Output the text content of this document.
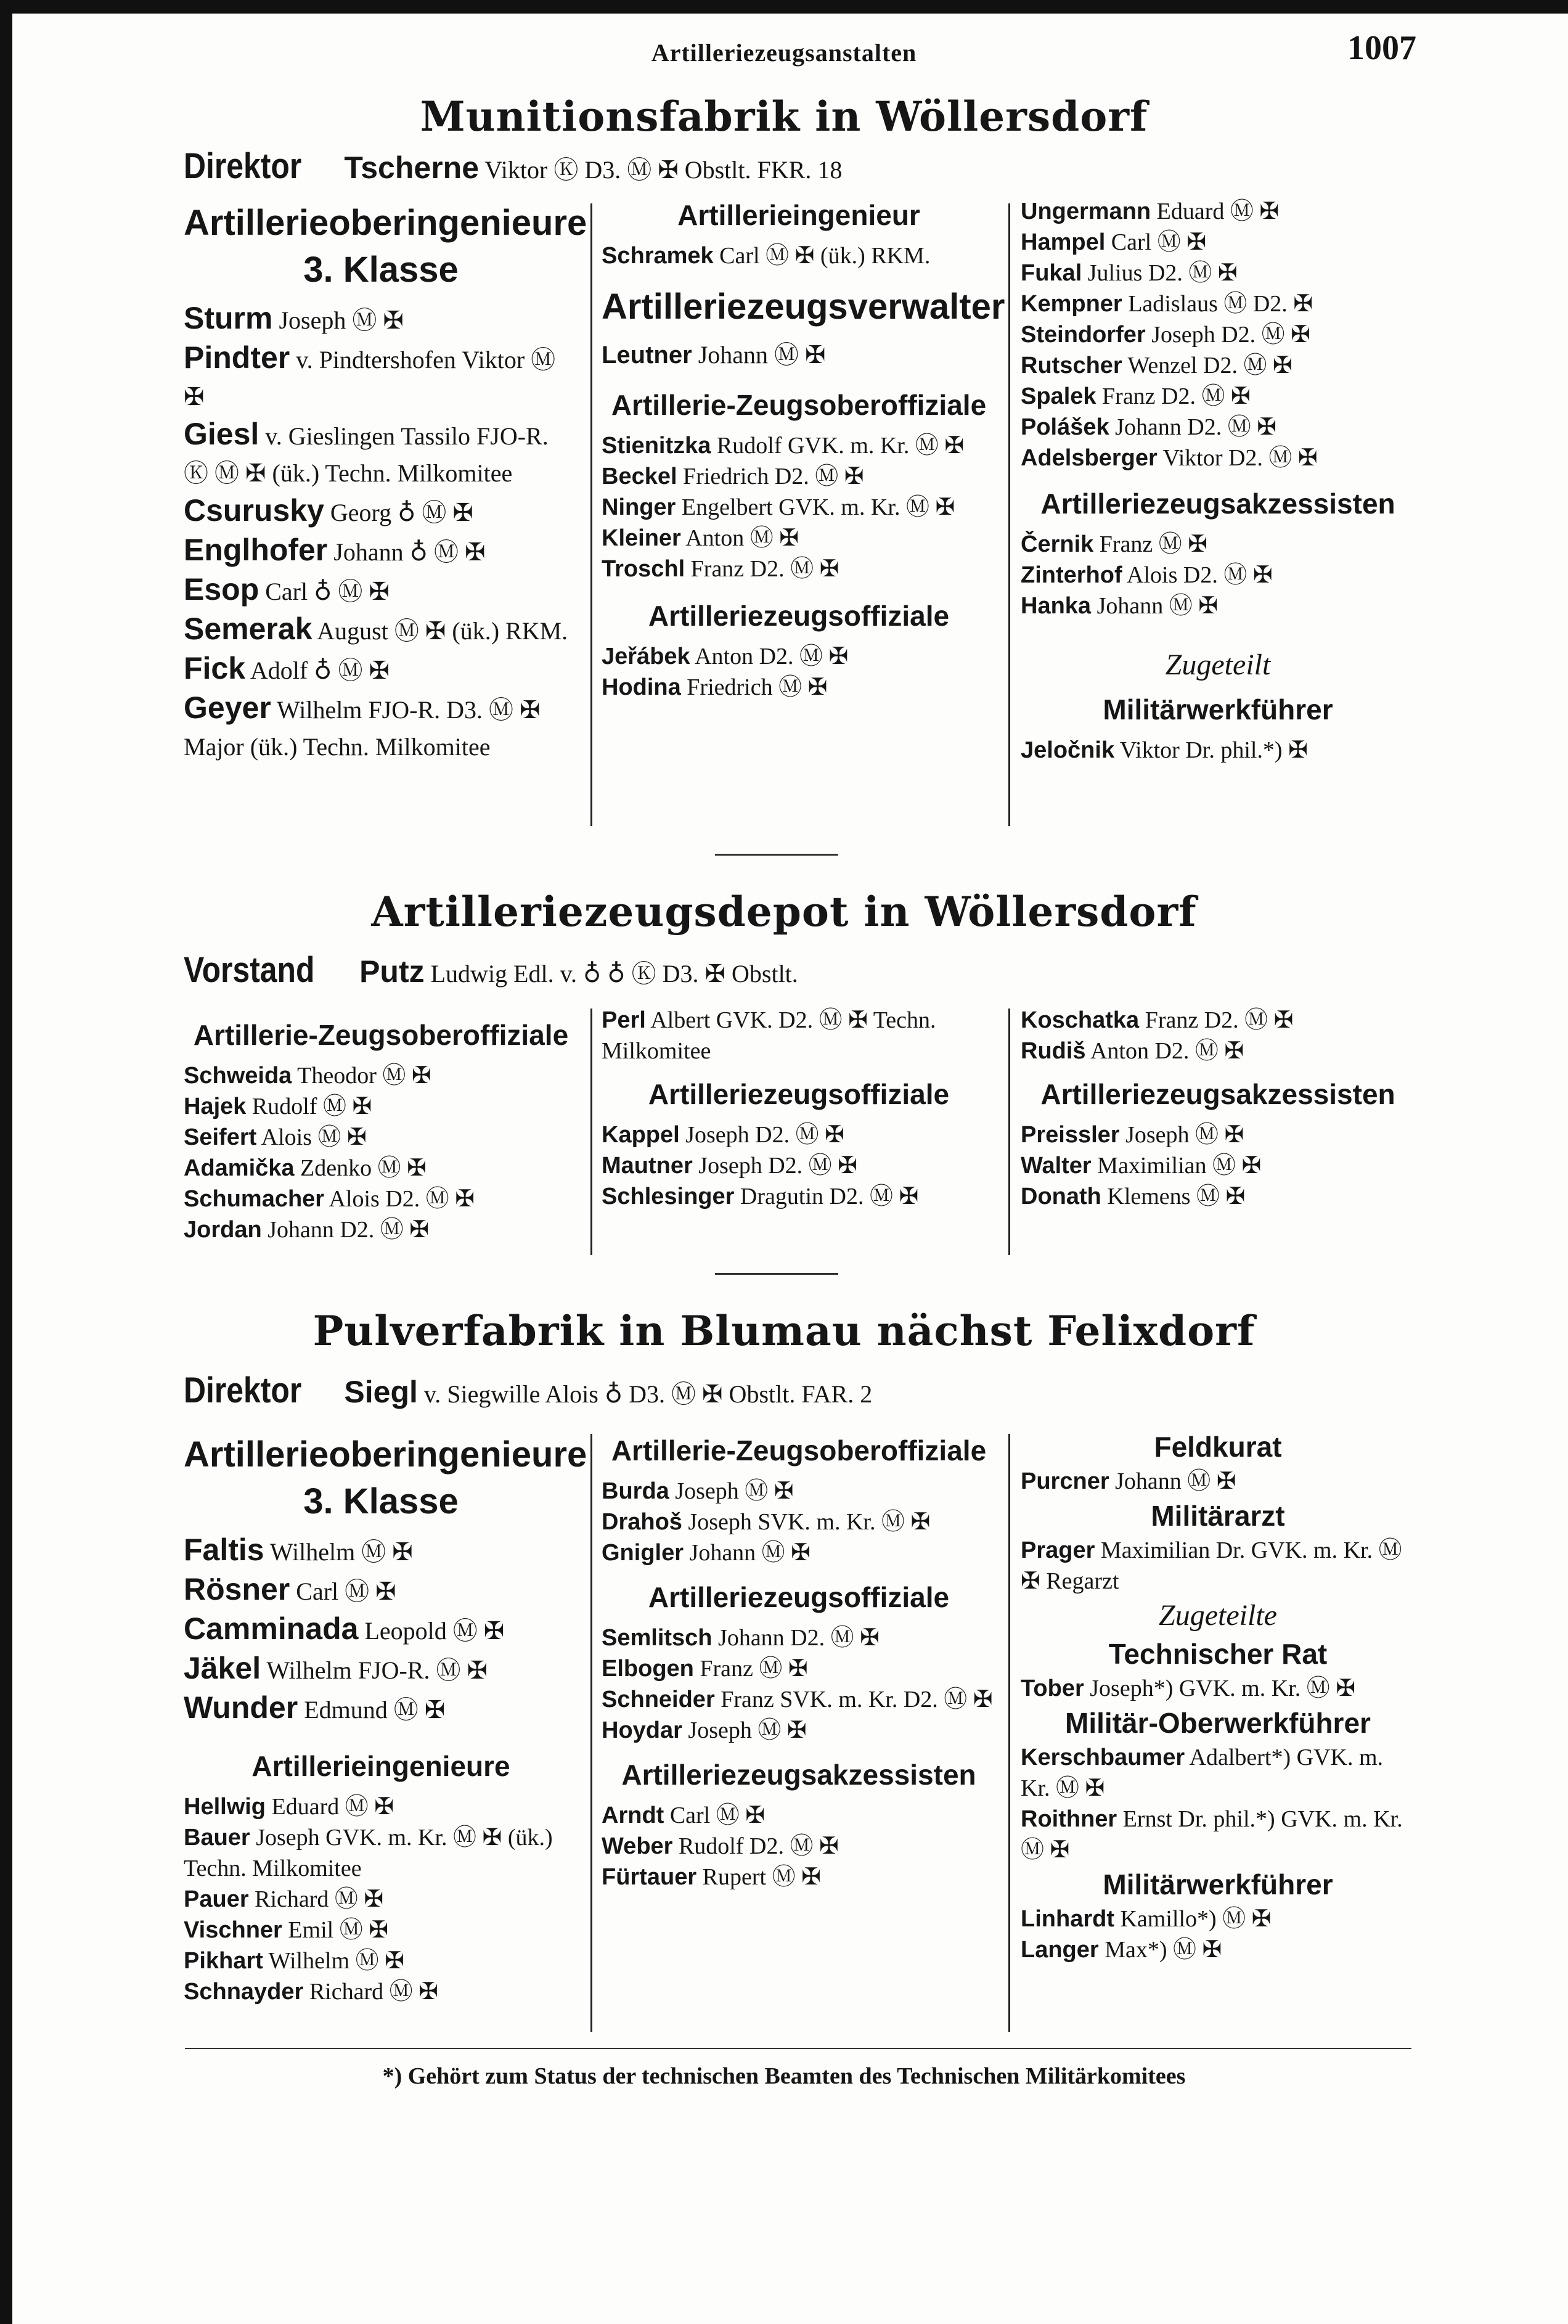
Artilleriezeugsanstalten	1007
Munitionsfabrik in Wöllersdorf
Direktor Tscherne Viktor Ⓚ D3. Ⓜ ✠ Obstlt. FKR. 18
Artillerieoberingenieure
3. Klasse
Sturm Joseph Ⓜ ✠
Pindter v. Pindtershofen Viktor Ⓜ ✠
Giesl v. Gieslingen Tassilo FJO-R. Ⓚ Ⓜ ✠ (ük.) Techn. Milkomitee
Csurusky Georg ♁ Ⓜ ✠
Englhofer Johann ♁ Ⓜ ✠
Esop Carl ♁ Ⓜ ✠
Semerak August Ⓜ ✠ (ük.) RKM.
Fick Adolf ♁ Ⓜ ✠
Geyer Wilhelm FJO-R. D3. Ⓜ ✠ Major (ük.) Techn. Milkomitee
Artillerieingenieur
Schramek Carl Ⓜ ✠ (ük.) RKM.
Artilleriezeugsverwalter
Leutner Johann Ⓜ ✠
Artillerie-Zeugsoberoffiziale
Stienitzka Rudolf GVK. m. Kr. Ⓜ ✠
Beckel Friedrich D2. Ⓜ ✠
Ninger Engelbert GVK. m. Kr. Ⓜ ✠
Kleiner Anton Ⓜ ✠
Troschl Franz D2. Ⓜ ✠
Artilleriezeugsoffiziale
Jeřábek Anton D2. Ⓜ ✠
Hodina Friedrich Ⓜ ✠
Ungermann Eduard Ⓜ ✠
Hampel Carl Ⓜ ✠
Fukal Julius D2. Ⓜ ✠
Kempner Ladislaus Ⓜ D2. ✠
Steindorfer Joseph D2. Ⓜ ✠
Rutscher Wenzel D2. Ⓜ ✠
Spalek Franz D2. Ⓜ ✠
Polášek Johann D2. Ⓜ ✠
Adelsberger Viktor D2. Ⓜ ✠
Artilleriezeugsakzessisten
Černik Franz Ⓜ ✠
Zinterhof Alois D2. Ⓜ ✠
Hanka Johann Ⓜ ✠
Zugeteilt
Militärwerkführer
Jeločnik Viktor Dr. phil.*) ✠
Artilleriezeugsdepot in Wöllersdorf
Vorstand Putz Ludwig Edl. v. ♁ ♁ Ⓚ D3. ✠ Obstlt.
Artillerie-Zeugsoberoffiziale
Schweida Theodor Ⓜ ✠
Hajek Rudolf Ⓜ ✠
Seifert Alois Ⓜ ✠
Adamička Zdenko Ⓜ ✠
Schumacher Alois D2. Ⓜ ✠
Jordan Johann D2. Ⓜ ✠
Perl Albert GVK. D2. Ⓜ ✠ Techn. Milkomitee
Artilleriezeugsoffiziale
Kappel Joseph D2. Ⓜ ✠
Mautner Joseph D2. Ⓜ ✠
Schlesinger Dragutin D2. Ⓜ ✠
Koschatka Franz D2. Ⓜ ✠
Rudiš Anton D2. Ⓜ ✠
Artilleriezeugsakzessisten
Preissler Joseph Ⓜ ✠
Walter Maximilian Ⓜ ✠
Donath Klemens Ⓜ ✠
Pulverfabrik in Blumau nächst Felixdorf
Direktor Siegl v. Siegwille Alois ♁ D3. Ⓜ ✠ Obstlt. FAR. 2
Artillerieoberingenieure
3. Klasse
Faltis Wilhelm Ⓜ ✠
Rösner Carl Ⓜ ✠
Camminada Leopold Ⓜ ✠
Jäkel Wilhelm FJO-R. Ⓜ ✠
Wunder Edmund Ⓜ ✠
Artillerieingenieure
Hellwig Eduard Ⓜ ✠
Bauer Joseph GVK. m. Kr. Ⓜ ✠ (ük.) Techn. Milkomitee
Pauer Richard Ⓜ ✠
Vischner Emil Ⓜ ✠
Pikhart Wilhelm Ⓜ ✠
Schnayder Richard Ⓜ ✠
Artillerie-Zeugsoberoffiziale
Burda Joseph Ⓜ ✠
Drahoš Joseph SVK. m. Kr. Ⓜ ✠
Gnigler Johann Ⓜ ✠
Artilleriezeugsoffiziale
Semlitsch Johann D2. Ⓜ ✠
Elbogen Franz Ⓜ ✠
Schneider Franz SVK. m. Kr. D2. Ⓜ ✠
Hoydar Joseph Ⓜ ✠
Artilleriezeugsakzessisten
Arndt Carl Ⓜ ✠
Weber Rudolf D2. Ⓜ ✠
Fürtauer Rupert Ⓜ ✠
Feldkurat
Purcner Johann Ⓜ ✠
Militärarzt
Prager Maximilian Dr. GVK. m. Kr. Ⓜ ✠ Regarzt
Zugeteilte
Technischer Rat
Tober Joseph*) GVK. m. Kr. Ⓜ ✠
Militär-Oberwerkführer
Kerschbaumer Adalbert*) GVK. m. Kr. Ⓜ ✠
Roithner Ernst Dr. phil.*) GVK. m. Kr. Ⓜ ✠
Militärwerkführer
Linhardt Kamillo*) Ⓜ ✠
Langer Max*) Ⓜ ✠
*) Gehört zum Status der technischen Beamten des Technischen Militärkomitees
